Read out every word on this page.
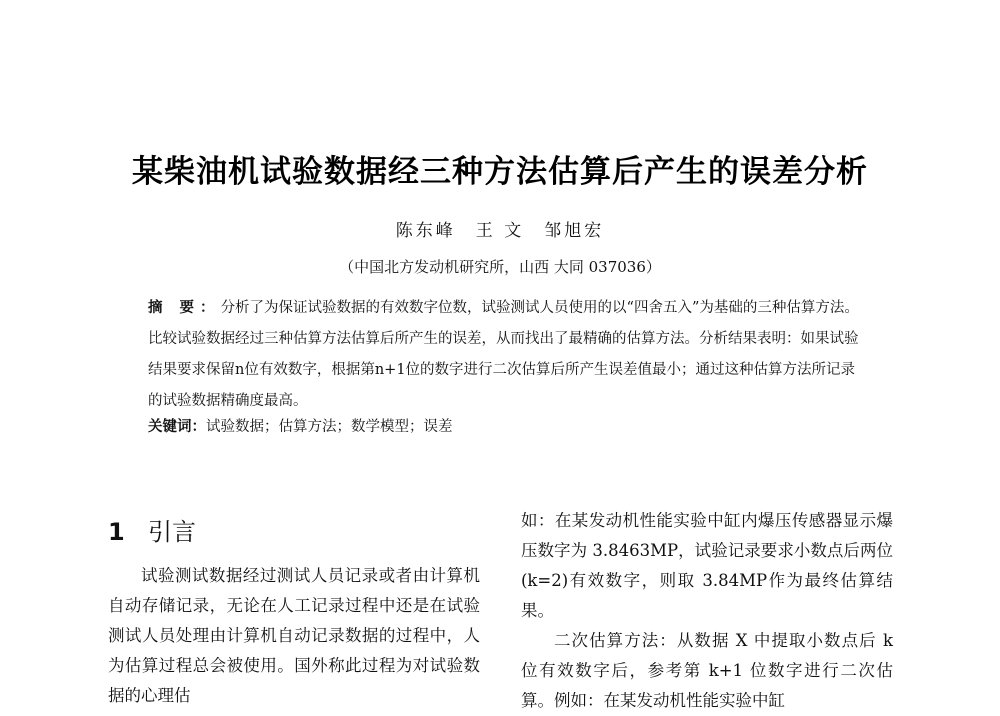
某柴油机试验数据经三种方法估算后产生的误差分析
陈东峰　王 文　邹旭宏
（中国北方发动机研究所，山西 大同 037036）
摘 要：分析了为保证试验数据的有效数字位数，试验测试人员使用的以“四舍五入”为基础的三种估算方法。比较试验数据经过三种估算方法估算后所产生的误差，从而找出了最精确的估算方法。分析结果表明：如果试验结果要求保留n位有效数字，根据第n+1位的数字进行二次估算后所产生误差值最小；通过这种估算方法所记录的试验数据精确度最高。
关键词：试验数据；估算方法；数学模型；误差
1 引言

试验测试数据经过测试人员记录或者由计算机自动存储记录，无论在人工记录过程中还是在试验测试人员处理由计算机自动记录数据的过程中，人为估算过程总会被使用。国外称此过程为对试验数据的心理估

如：在某发动机性能实验中缸内爆压传感器显示爆压数字为 3.8463MP，试验记录要求小数点后两位(k=2)有效数字，则取 3.84MP作为最终估算结果。

二次估算方法：从数据 X 中提取小数点后 k 位有效数字后，参考第 k+1 位数字进行二次估算。例如：在某发动机性能实验中缸
